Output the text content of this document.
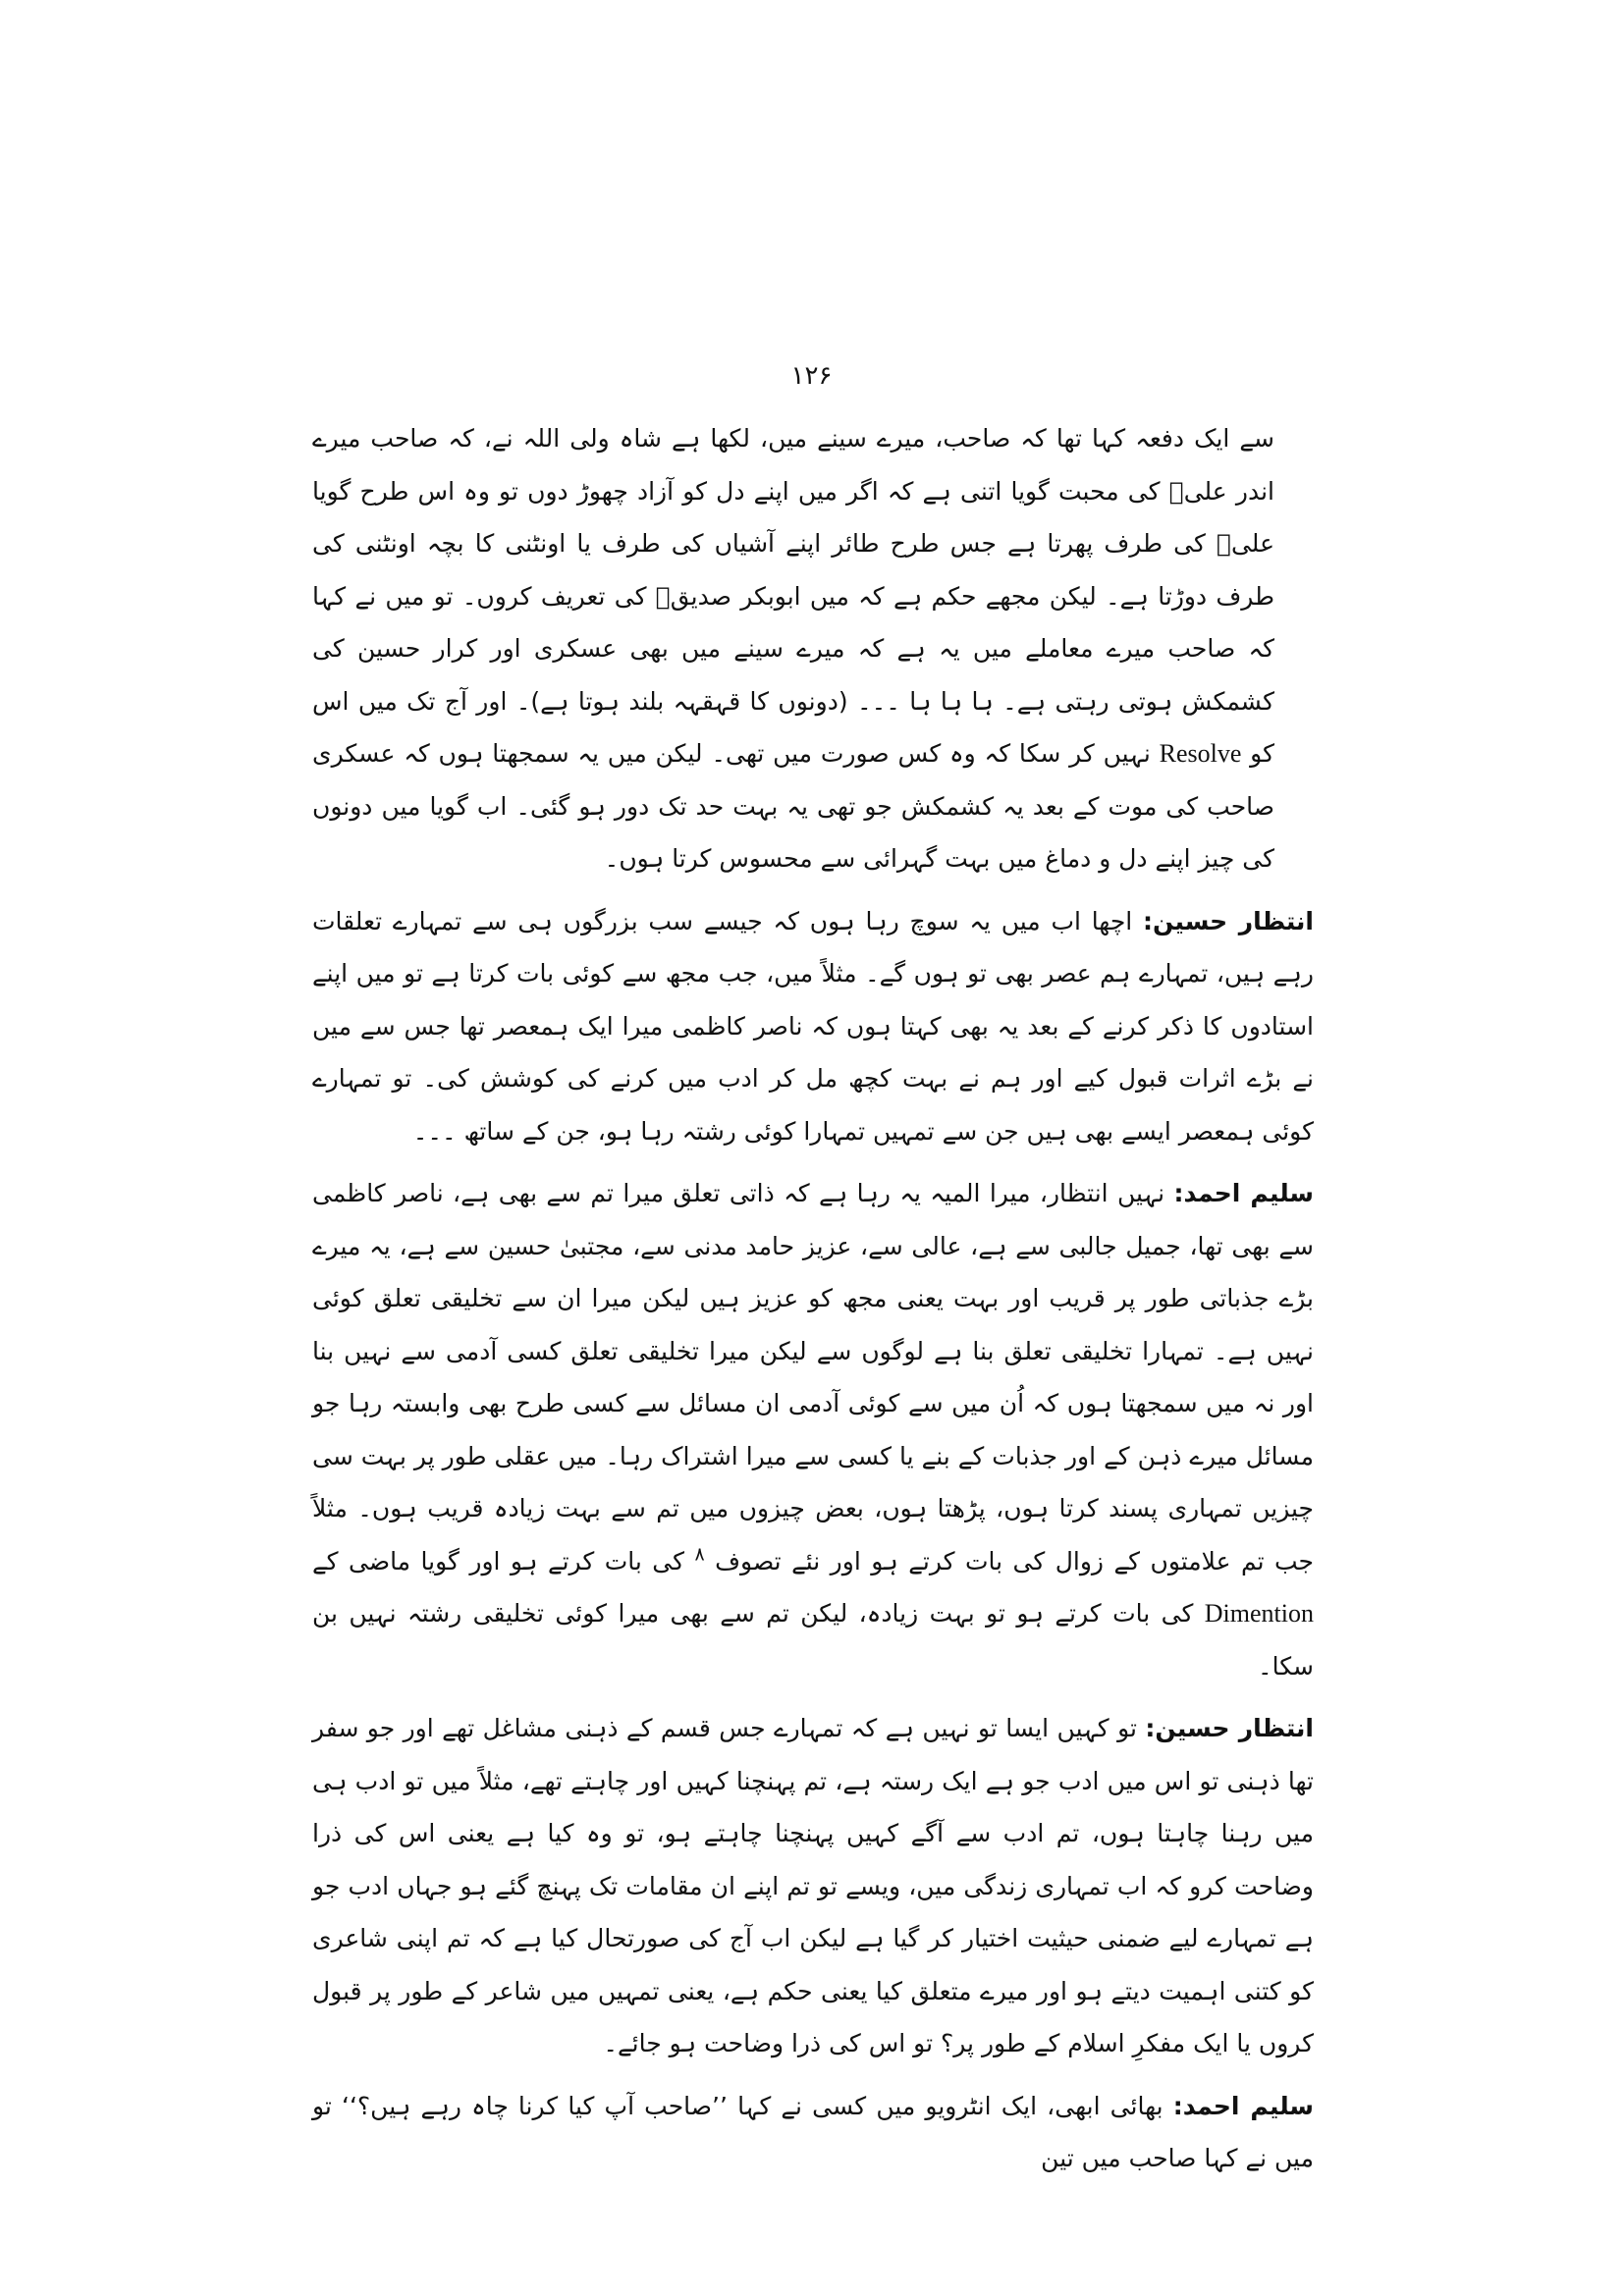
۱۲۶

سے ایک دفعہ کہا تھا کہ صاحب، میرے سینے میں، لکھا ہے شاہ ولی اللہ نے، کہ صاحب میرے اندر علیؓ کی محبت گویا اتنی ہے کہ اگر میں اپنے دل کو آزاد چھوڑ دوں تو وہ اس طرح گویا علیؓ کی طرف پھرتا ہے جس طرح طائر اپنے آشیاں کی طرف یا اونٹنی کا بچہ اونٹنی کی طرف دوڑتا ہے۔ لیکن مجھے حکم ہے کہ میں ابوبکر صدیقؓ کی تعریف کروں۔ تو میں نے کہا کہ صاحب میرے معاملے میں یہ ہے کہ میرے سینے میں بھی عسکری اور کرار حسین کی کشمکش ہوتی رہتی ہے۔ ہا ہا ہا ۔۔۔ (دونوں کا قہقہہ بلند ہوتا ہے)۔ اور آج تک میں اس کو Resolve نہیں کر سکا کہ وہ کس صورت میں تھی۔ لیکن میں یہ سمجھتا ہوں کہ عسکری صاحب کی موت کے بعد یہ کشمکش جو تھی یہ بہت حد تک دور ہو گئی۔ اب گویا میں دونوں کی چیز اپنے دل و دماغ میں بہت گہرائی سے محسوس کرتا ہوں۔

انتظار حسین: اچھا اب میں یہ سوچ رہا ہوں کہ جیسے سب بزرگوں ہی سے تمہارے تعلقات رہے ہیں، تمہارے ہم عصر بھی تو ہوں گے۔ مثلاً میں، جب مجھ سے کوئی بات کرتا ہے تو میں اپنے استادوں کا ذکر کرنے کے بعد یہ بھی کہتا ہوں کہ ناصر کاظمی میرا ایک ہمعصر تھا جس سے میں نے بڑے اثرات قبول کیے اور ہم نے بہت کچھ مل کر ادب میں کرنے کی کوشش کی۔ تو تمہارے کوئی ہمعصر ایسے بھی ہیں جن سے تمہیں تمہارا کوئی رشتہ رہا ہو، جن کے ساتھ ۔۔۔

سلیم احمد: نہیں انتظار، میرا المیہ یہ رہا ہے کہ ذاتی تعلق میرا تم سے بھی ہے، ناصر کاظمی سے بھی تھا، جمیل جالبی سے ہے، عالی سے، عزیز حامد مدنی سے، مجتبیٰ حسین سے ہے، یہ میرے بڑے جذباتی طور پر قریب اور بہت یعنی مجھ کو عزیز ہیں لیکن میرا ان سے تخلیقی تعلق کوئی نہیں ہے۔ تمہارا تخلیقی تعلق بنا ہے لوگوں سے لیکن میرا تخلیقی تعلق کسی آدمی سے نہیں بنا اور نہ میں سمجھتا ہوں کہ اُن میں سے کوئی آدمی ان مسائل سے کسی طرح بھی وابستہ رہا جو مسائل میرے ذہن کے اور جذبات کے بنے یا کسی سے میرا اشتراک رہا۔ میں عقلی طور پر بہت سی چیزیں تمہاری پسند کرتا ہوں، پڑھتا ہوں، بعض چیزوں میں تم سے بہت زیادہ قریب ہوں۔ مثلاً جب تم علامتوں کے زوال کی بات کرتے ہو اور نئے تصوف $^۸$ کی بات کرتے ہو اور گویا ماضی کے Dimention کی بات کرتے ہو تو بہت زیادہ، لیکن تم سے بھی میرا کوئی تخلیقی رشتہ نہیں بن سکا۔

انتظار حسین: تو کہیں ایسا تو نہیں ہے کہ تمہارے جس قسم کے ذہنی مشاغل تھے اور جو سفر تھا ذہنی تو اس میں ادب جو ہے ایک رستہ ہے، تم پہنچنا کہیں اور چاہتے تھے، مثلاً میں تو ادب ہی میں رہنا چاہتا ہوں، تم ادب سے آگے کہیں پہنچنا چاہتے ہو، تو وہ کیا ہے یعنی اس کی ذرا وضاحت کرو کہ اب تمہاری زندگی میں، ویسے تو تم اپنے ان مقامات تک پہنچ گئے ہو جہاں ادب جو ہے تمہارے لیے ضمنی حیثیت اختیار کر گیا ہے لیکن اب آج کی صورتحال کیا ہے کہ تم اپنی شاعری کو کتنی اہمیت دیتے ہو اور میرے متعلق کیا یعنی حکم ہے، یعنی تمہیں میں شاعر کے طور پر قبول کروں یا ایک مفکرِ اسلام کے طور پر؟ تو اس کی ذرا وضاحت ہو جائے۔

سلیم احمد: بھائی ابھی، ایک انٹرویو میں کسی نے کہا ’’صاحب آپ کیا کرنا چاہ رہے ہیں؟‘‘ تو میں نے کہا صاحب میں تین
